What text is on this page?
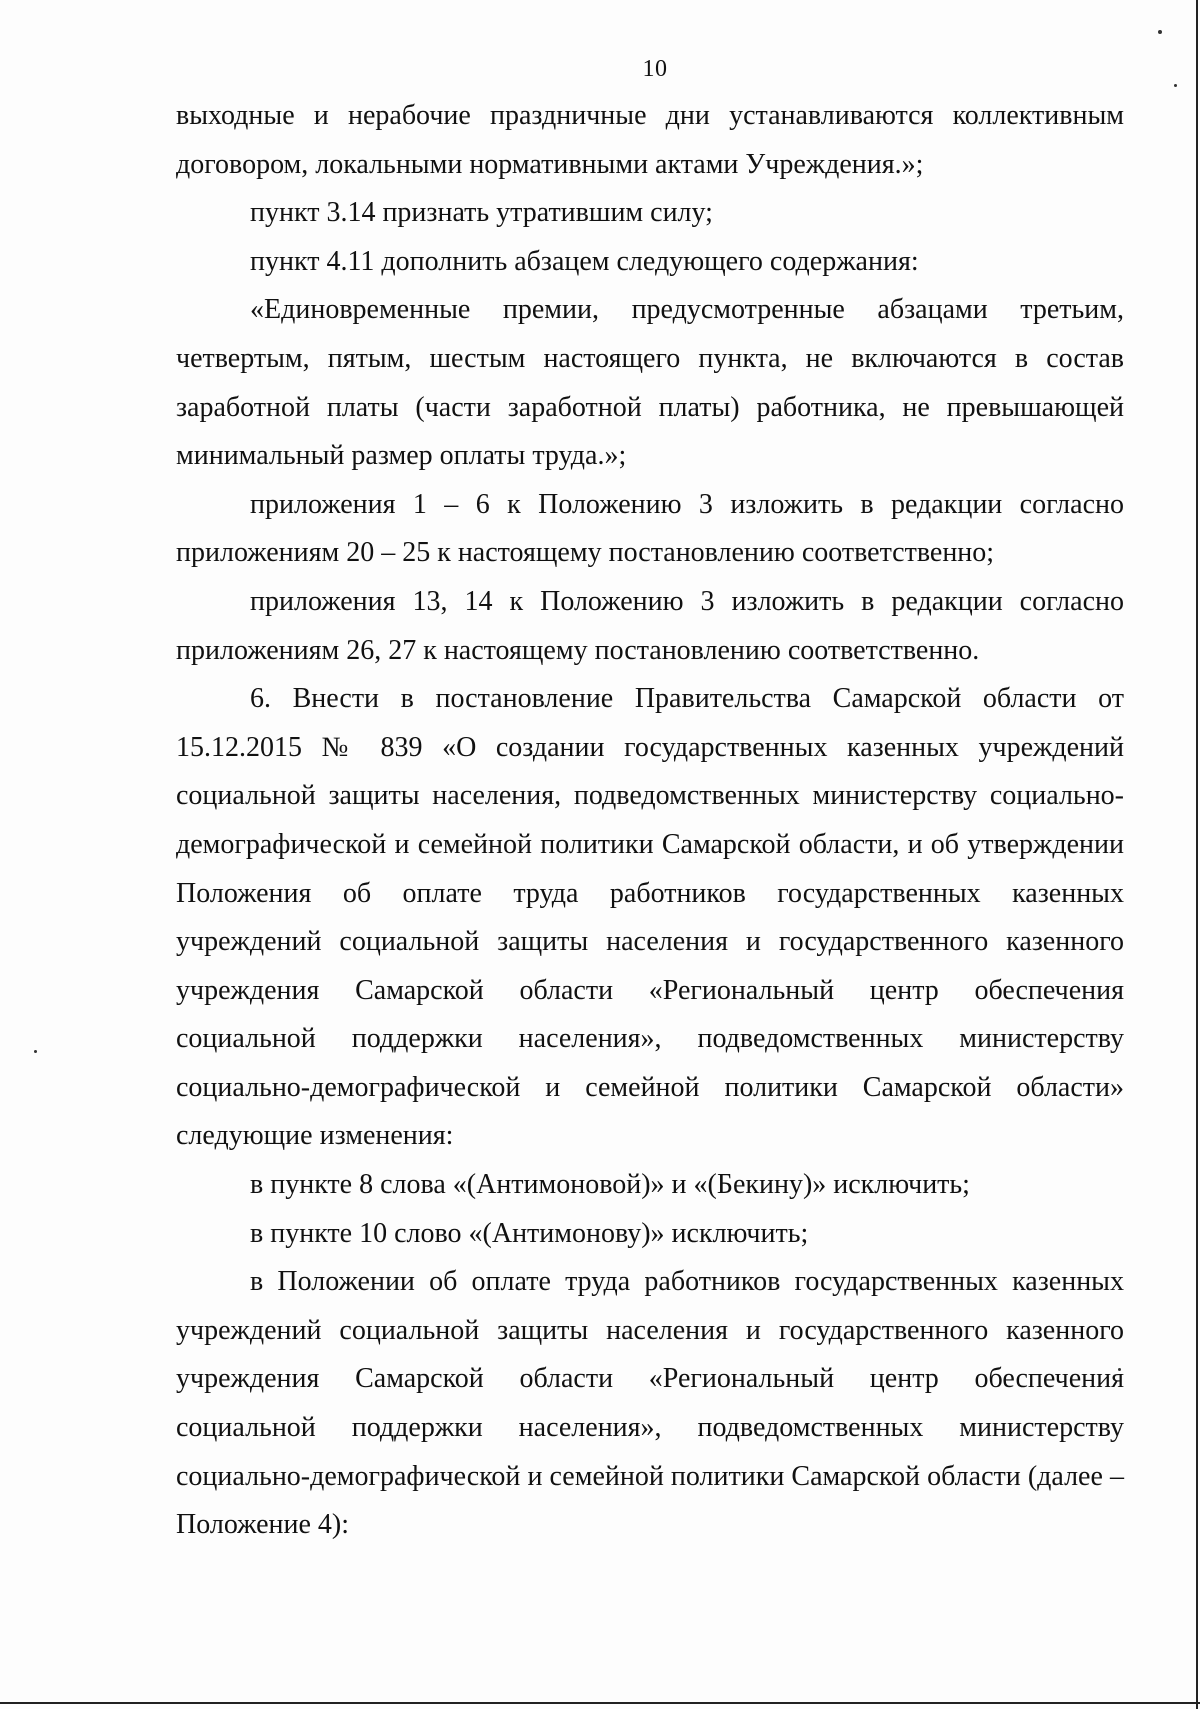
10

выходные и нерабочие праздничные дни устанавливаются коллективным договором, локальными нормативными актами Учреждения.»;

пункт 3.14 признать утратившим силу;

пункт 4.11 дополнить абзацем следующего содержания:

«Единовременные премии, предусмотренные абзацами третьим, четвертым, пятым, шестым настоящего пункта, не включаются в состав заработной платы (части заработной платы) работника, не превышающей минимальный размер оплаты труда.»;

приложения 1 – 6 к Положению 3 изложить в редакции согласно приложениям 20 – 25 к настоящему постановлению соответственно;

приложения 13, 14 к Положению 3 изложить в редакции согласно приложениям 26, 27 к настоящему постановлению соответственно.

6. Внести в постановление Правительства Самарской области от 15.12.2015 № 839 «О создании государственных казенных учреждений социальной защиты населения, подведомственных министерству социально-демографической и семейной политики Самарской области, и об утверждении Положения об оплате труда работников государственных казенных учреждений социальной защиты населения и государственного казенного учреждения Самарской области «Региональный центр обеспечения социальной поддержки населения», подведомственных министерству социально-демографической и семейной политики Самарской области» следующие изменения:

в пункте 8 слова «(Антимоновой)» и «(Бекину)» исключить;

в пункте 10 слово «(Антимонову)» исключить;

в Положении об оплате труда работников государственных казенных учреждений социальной защиты населения и государственного казенного учреждения Самарской области «Региональный центр обеспечения социальной поддержки населения», подведомственных министерству социально-демографической и семейной политики Самарской области (далее – Положение 4):
